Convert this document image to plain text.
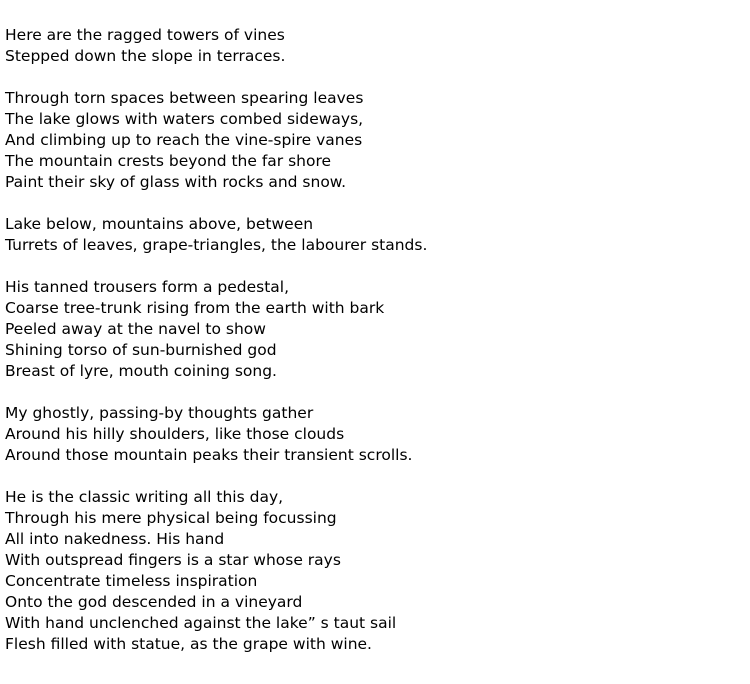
Here are the ragged towers of vines
Stepped down the slope in terraces.
Through torn spaces between spearing leaves
The lake glows with waters combed sideways,
And climbing up to reach the vine-spire vanes
The mountain crests beyond the far shore
Paint their sky of glass with rocks and snow.
Lake below, mountains above, between
Turrets of leaves, grape-triangles, the labourer stands.
His tanned trousers form a pedestal,
Coarse tree-trunk rising from the earth with bark
Peeled away at the navel to show
Shining torso of sun-burnished god
Breast of lyre, mouth coining song.
My ghostly, passing-by thoughts gather
Around his hilly shoulders, like those clouds
Around those mountain peaks their transient scrolls.
He is the classic writing all this day,
Through his mere physical being focussing
All into nakedness. His hand
With outspread fingers is a star whose rays
Concentrate timeless inspiration
Onto the god descended in a vineyard
With hand unclenched against the lake” s taut sail
Flesh filled with statue, as the grape with wine.
